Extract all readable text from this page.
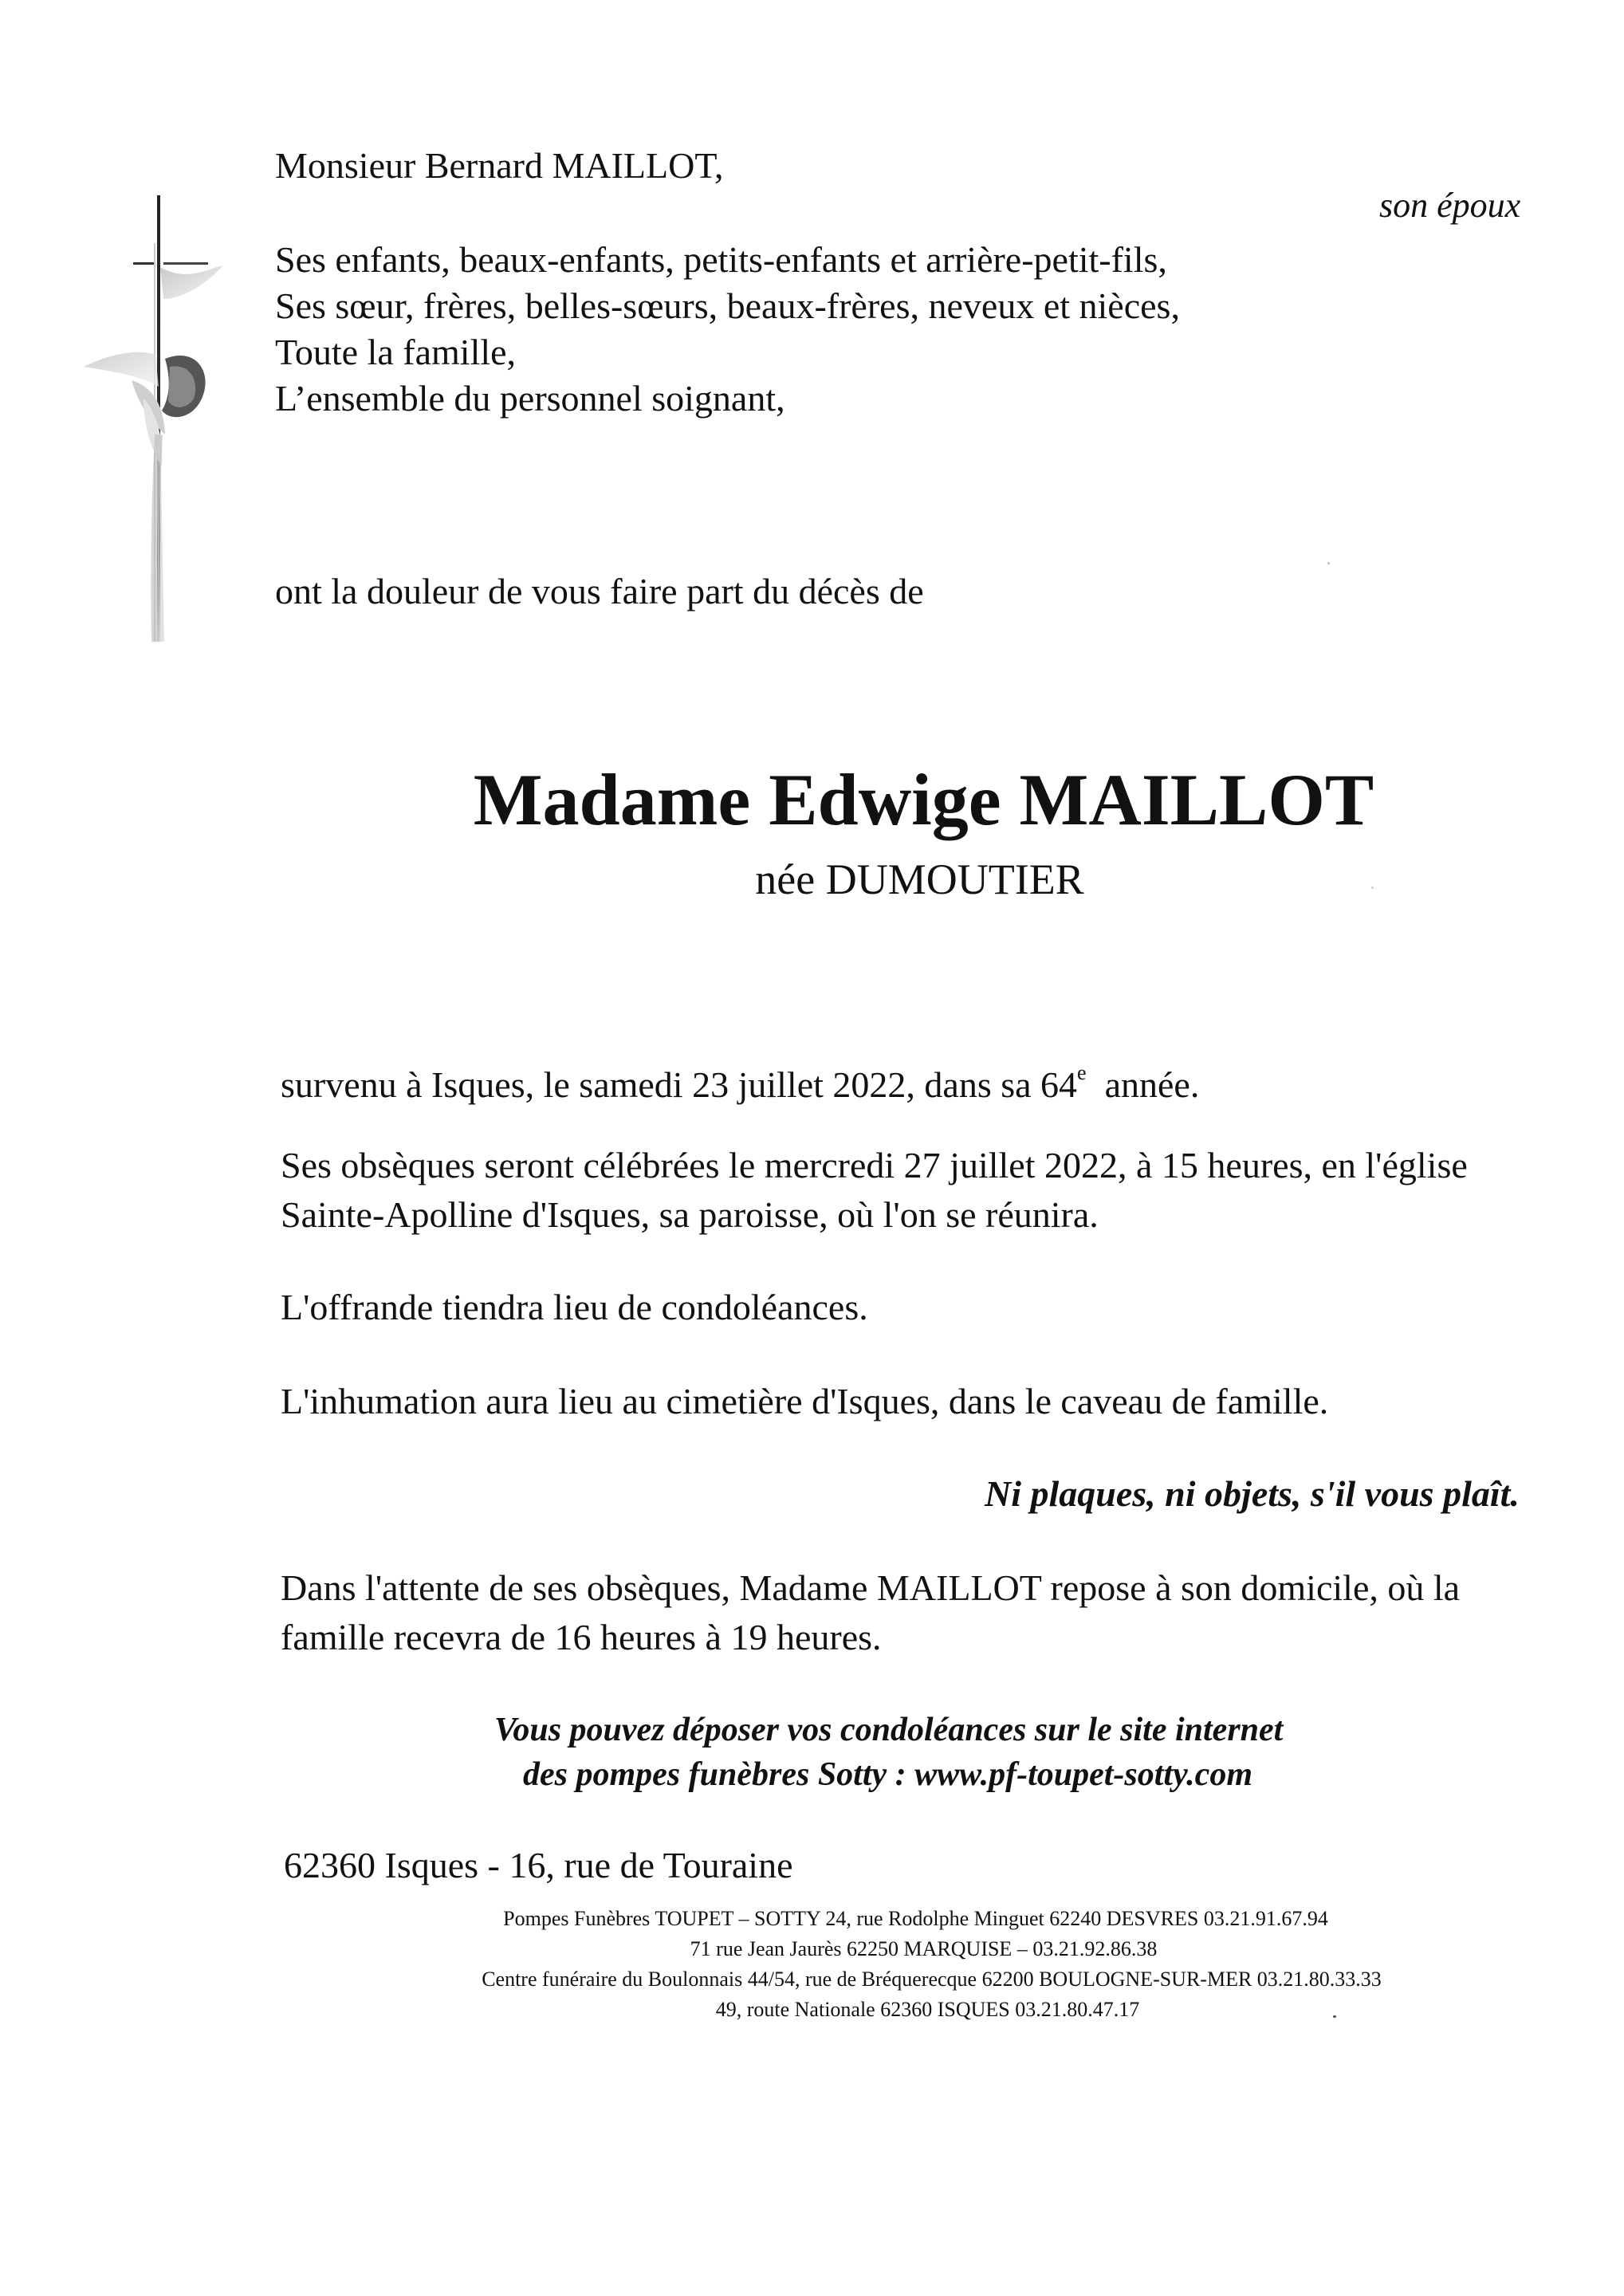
Monsieur Bernard MAILLOT,
son époux
Ses enfants, beaux-enfants, petits-enfants et arrière-petit-fils,
Ses sœur, frères, belles-sœurs, beaux-frères, neveux et nièces,
Toute la famille,
L’ensemble du personnel soignant,
ont la douleur de vous faire part du décès de
Madame Edwige MAILLOT
née DUMOUTIER
survenu à Isques, le samedi 23 juillet 2022, dans sa 64e année.
Ses obsèques seront célébrées le mercredi 27 juillet 2022, à 15 heures, en l'église
Sainte-Apolline d'Isques, sa paroisse, où l'on se réunira.
L'offrande tiendra lieu de condoléances.
L'inhumation aura lieu au cimetière d'Isques, dans le caveau de famille.
Ni plaques, ni objets, s'il vous plaît.
Dans l'attente de ses obsèques, Madame MAILLOT repose à son domicile, où la
famille recevra de 16 heures à 19 heures.
Vous pouvez déposer vos condoléances sur le site internet
des pompes funèbres Sotty : www.pf-toupet-sotty.com
62360 Isques - 16, rue de Touraine
Pompes Funèbres TOUPET – SOTTY 24, rue Rodolphe Minguet 62240 DESVRES 03.21.91.67.94
71 rue Jean Jaurès 62250 MARQUISE – 03.21.92.86.38
Centre funéraire du Boulonnais 44/54, rue de Bréquerecque 62200 BOULOGNE-SUR-MER 03.21.80.33.33
49, route Nationale 62360 ISQUES 03.21.80.47.17
